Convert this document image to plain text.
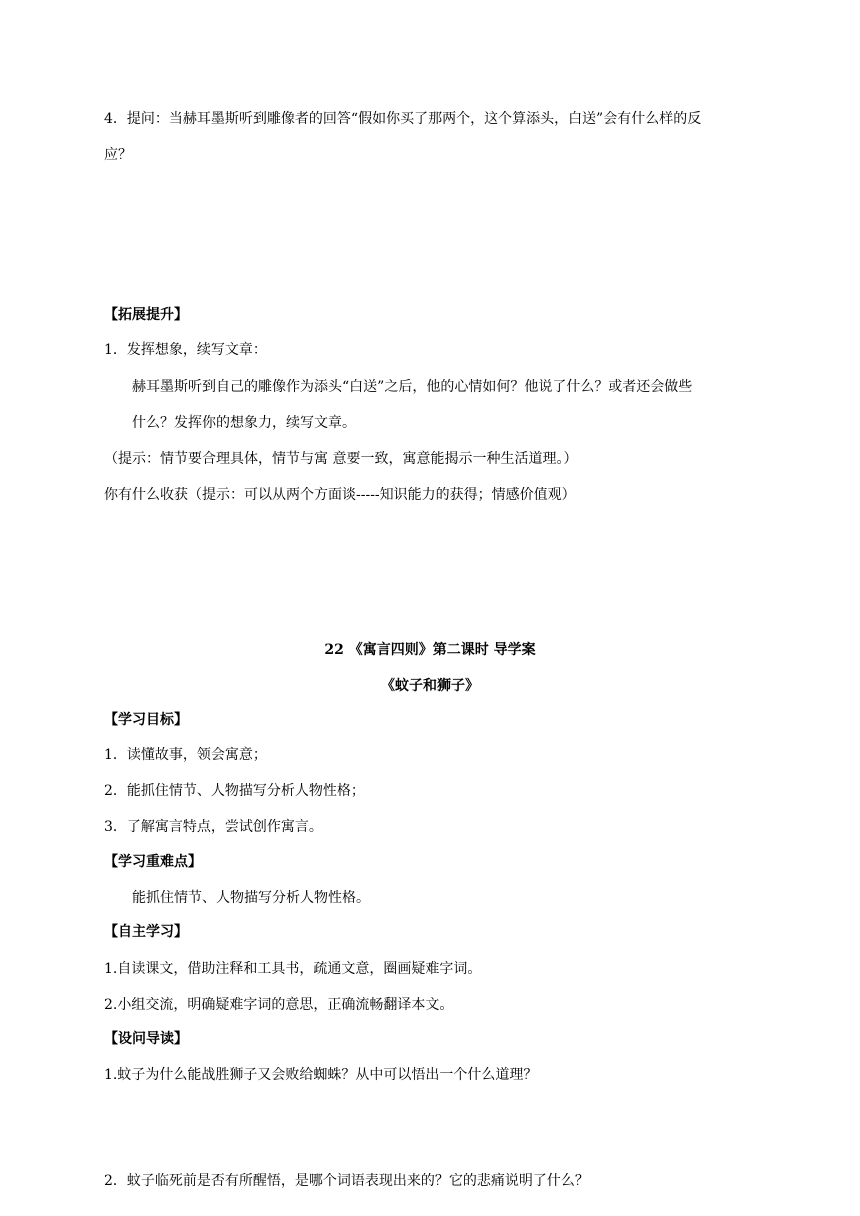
4．提问：当赫耳墨斯听到雕像者的回答“假如你买了那两个，这个算添头，白送”会有什么样的反
应？
【拓展提升】
1．发挥想象，续写文章：
赫耳墨斯听到自己的雕像作为添头“白送”之后，他的心情如何？他说了什么？或者还会做些
什么？发挥你的想象力，续写文章。
（提示：情节要合理具体，情节与寓 意要一致，寓意能揭示一种生活道理。）
你有什么收获（提示：可以从两个方面谈-----知识能力的获得；情感价值观）
22 《寓言四则》第二课时 导学案
《蚊子和狮子》
【学习目标】
1．读懂故事，领会寓意；
2．能抓住情节、人物描写分析人物性格；
3．了解寓言特点，尝试创作寓言。
【学习重难点】
能抓住情节、人物描写分析人物性格。
【自主学习】
1.自读课文，借助注释和工具书，疏通文意，圈画疑难字词。
2.小组交流，明确疑难字词的意思，正确流畅翻译本文。
【设问导读】
1.蚊子为什么能战胜狮子又会败给蜘蛛？从中可以悟出一个什么道理？
2．蚊子临死前是否有所醒悟，是哪个词语表现出来的？它的悲痛说明了什么？
